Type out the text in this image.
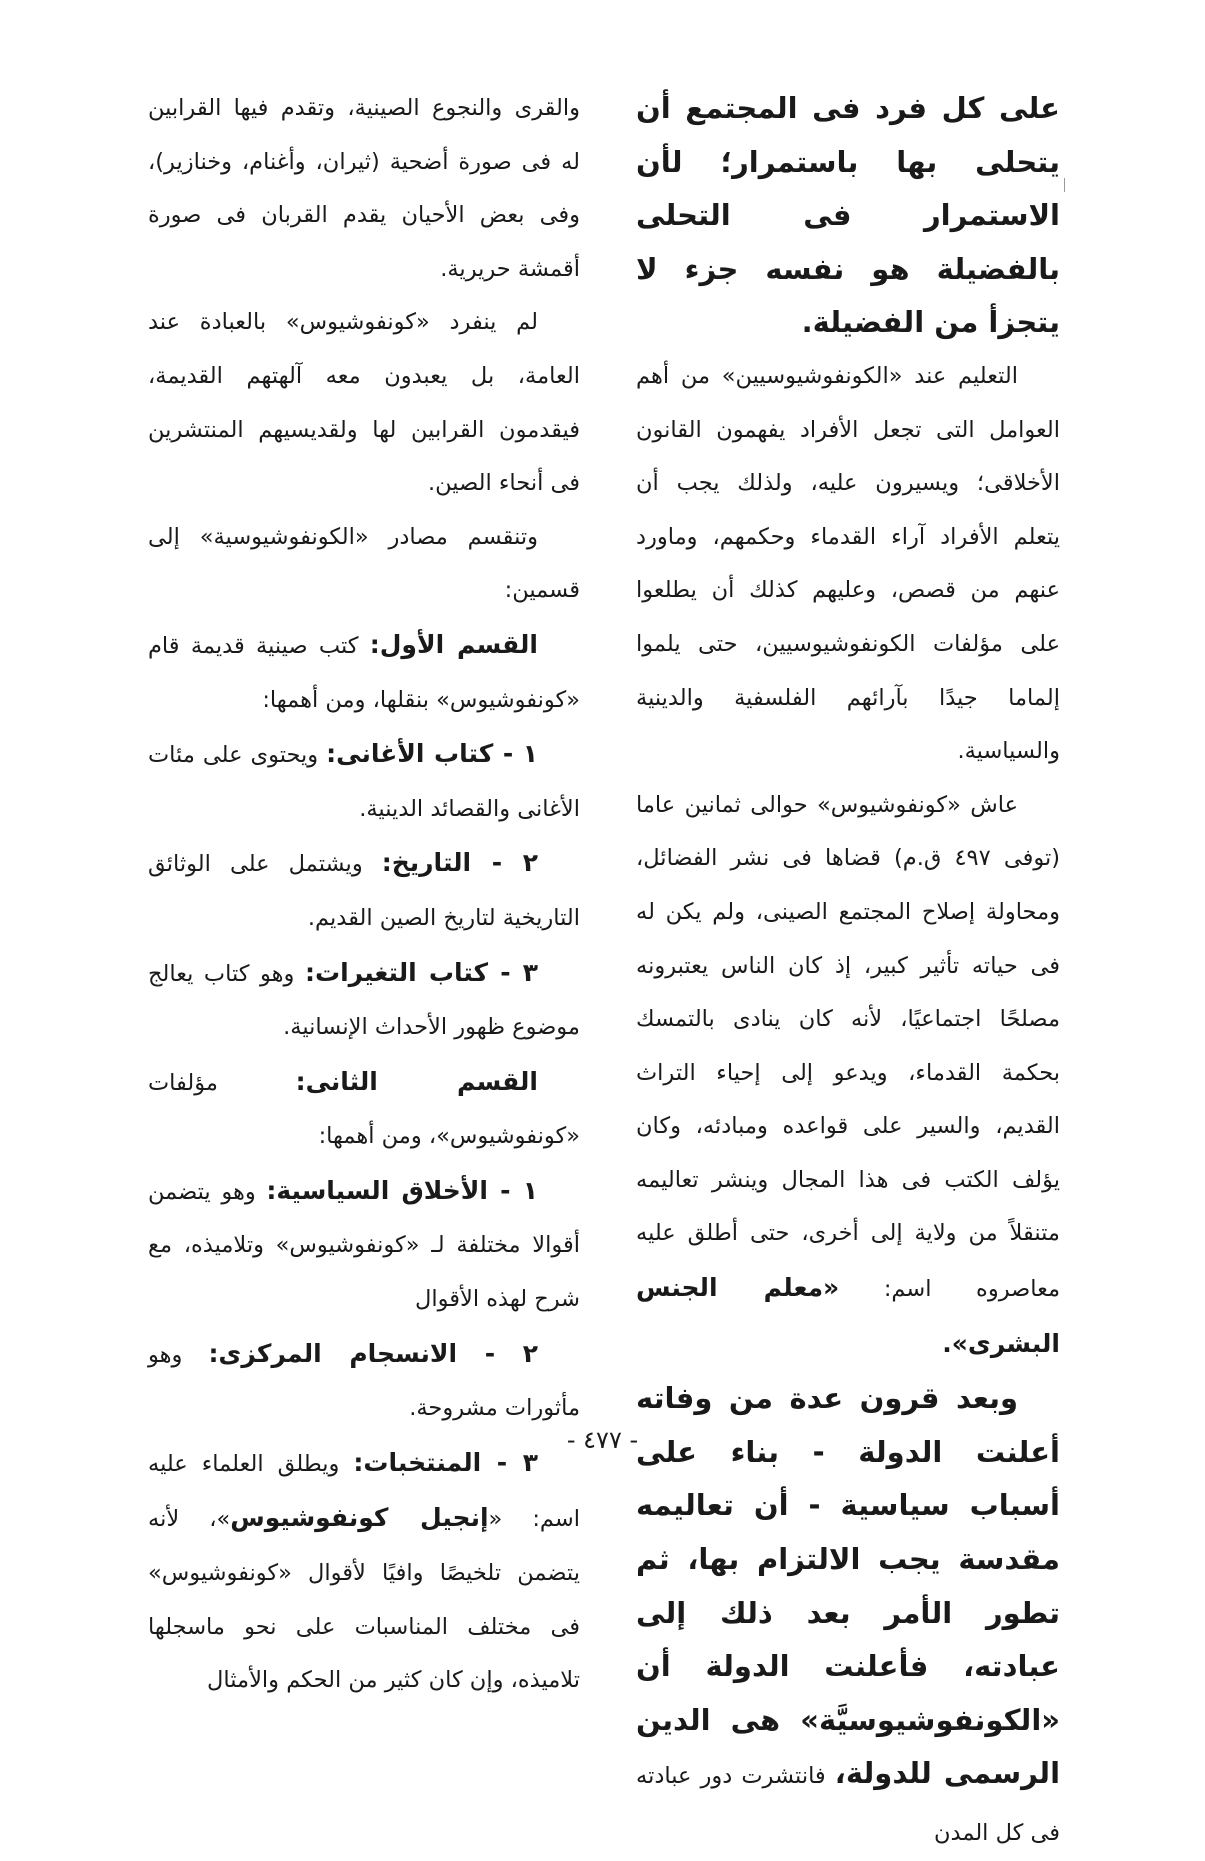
على كل فرد فى المجتمع أن يتحلى بها باستمرار؛ لأن الاستمرار فى التحلى بالفضيلة هو نفسه جزء لا يتجزأ من الفضيلة.

التعليم عند «الكونفوشيوسيين» من أهم العوامل التى تجعل الأفراد يفهمون القانون الأخلاقى؛ ويسيرون عليه، ولذلك يجب أن يتعلم الأفراد آراء القدماء وحكمهم، وماورد عنهم من قصص، وعليهم كذلك أن يطلعوا على مؤلفات الكونفوشيوسيين، حتى يلموا إلماما جيدًا بآرائهم الفلسفية والدينية والسياسية.

عاش «كونفوشيوس» حوالى ثمانين عاما (توفى ٤٩٧ ق.م) قضاها فى نشر الفضائل، ومحاولة إصلاح المجتمع الصينى، ولم يكن له فى حياته تأثير كبير، إذ كان الناس يعتبرونه مصلحًا اجتماعيًا، لأنه كان ينادى بالتمسك بحكمة القدماء، ويدعو إلى إحياء التراث القديم، والسير على قواعده ومبادئه، وكان يؤلف الكتب فى هذا المجال وينشر تعاليمه متنقلاً من ولاية إلى أخرى، حتى أطلق عليه معاصروه اسم: «معلم الجنس البشرى».

وبعد قرون عدة من وفاته أعلنت الدولة - بناء على أسباب سياسية - أن تعاليمه مقدسة يجب الالتزام بها، ثم تطور الأمر بعد ذلك إلى عبادته، فأعلنت الدولة أن «الكونفوشيوسيَّة» هى الدين الرسمى للدولة، فانتشرت دور عبادته فى كل المدن

والقرى والنجوع الصينية، وتقدم فيها القرابين له فى صورة أضحية (ثيران، وأغنام، وخنازير)، وفى بعض الأحيان يقدم القربان فى صورة أقمشة حريرية.

لم ينفرد «كونفوشيوس» بالعبادة عند العامة، بل يعبدون معه آلهتهم القديمة، فيقدمون القرابين لها ولقديسيهم المنتشرين فى أنحاء الصين.

وتنقسم مصادر «الكونفوشيوسية» إلى قسمين:

القسم الأول: كتب صينية قديمة قام «كونفوشيوس» بنقلها، ومن أهمها:

١ - كتاب الأغانى: ويحتوى على مئات الأغانى والقصائد الدينية.

٢ - التاريخ: ويشتمل على الوثائق التاريخية لتاريخ الصين القديم.

٣ - كتاب التغيرات: وهو كتاب يعالج موضوع ظهور الأحداث الإنسانية.

القسم الثانى: مؤلفات «كونفوشيوس»، ومن أهمها:

١ - الأخلاق السياسية: وهو يتضمن أقوالا مختلفة لـ «كونفوشيوس» وتلاميذه، مع شرح لهذه الأقوال

٢ - الانسجام المركزى: وهو مأثورات مشروحة.

٣ - المنتخبات: ويطلق العلماء عليه اسم: «إنجيل كونفوشيوس»، لأنه يتضمن تلخيصًا وافيًا لأقوال «كونفوشيوس» فى مختلف المناسبات على نحو ماسجلها تلاميذه، وإن كان كثير من الحكم والأمثال

- ٤٧٧ -
